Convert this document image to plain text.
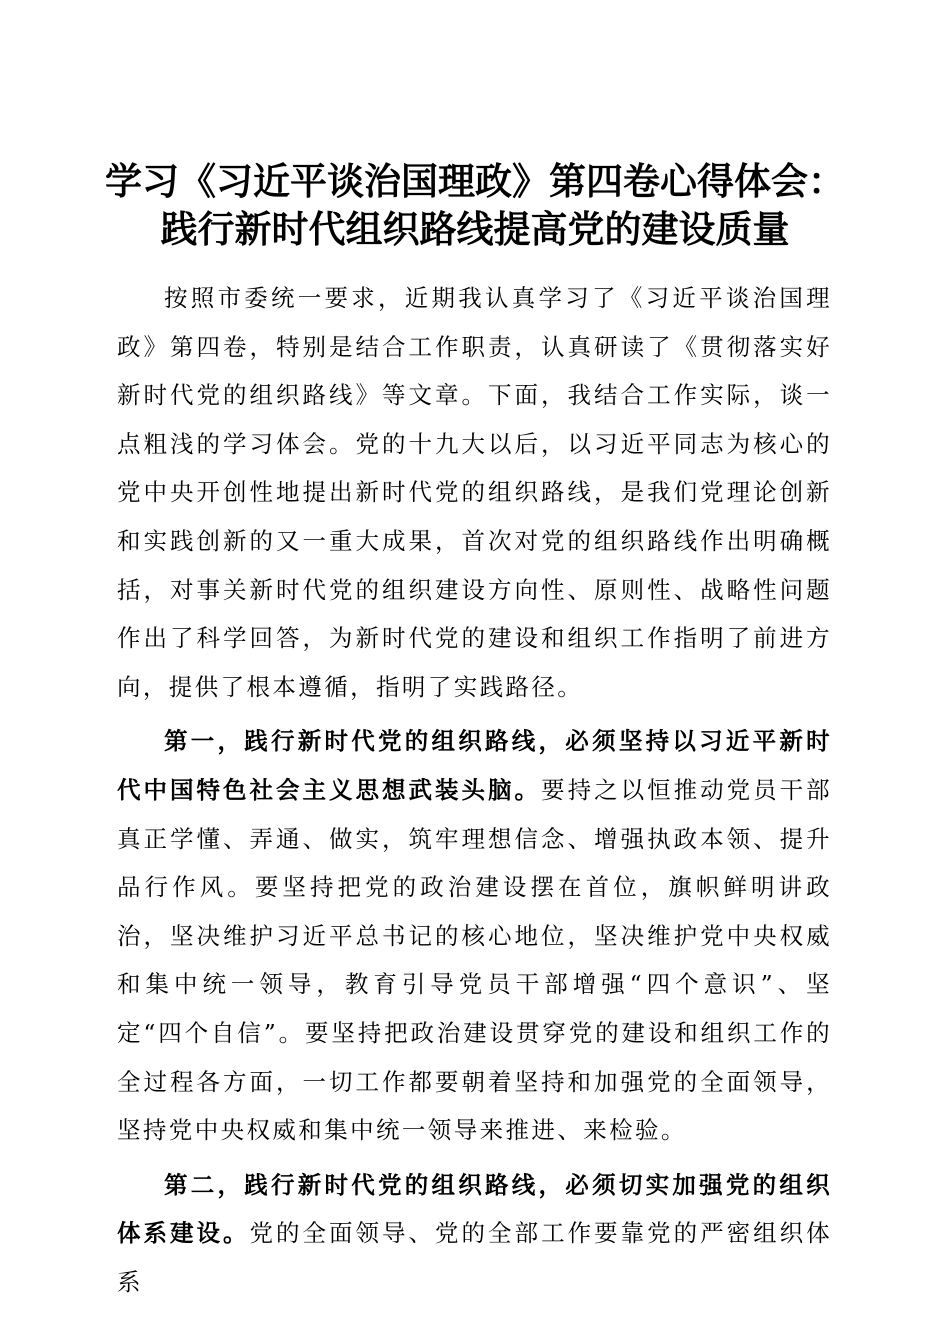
学习《习近平谈治国理政》第四卷心得体会：
践行新时代组织路线提高党的建设质量

按照市委统一要求，近期我认真学习了《习近平谈治国理政》第四卷，特别是结合工作职责，认真研读了《贯彻落实好新时代党的组织路线》等文章。下面，我结合工作实际，谈一点粗浅的学习体会。党的十九大以后，以习近平同志为核心的党中央开创性地提出新时代党的组织路线，是我们党理论创新和实践创新的又一重大成果，首次对党的组织路线作出明确概括，对事关新时代党的组织建设方向性、原则性、战略性问题作出了科学回答，为新时代党的建设和组织工作指明了前进方向，提供了根本遵循，指明了实践路径。

第一，践行新时代党的组织路线，必须坚持以习近平新时代中国特色社会主义思想武装头脑。要持之以恒推动党员干部真正学懂、弄通、做实，筑牢理想信念、增强执政本领、提升品行作风。要坚持把党的政治建设摆在首位，旗帜鲜明讲政治，坚决维护习近平总书记的核心地位，坚决维护党中央权威和集中统一领导，教育引导党员干部增强“四个意识”、坚定“四个自信”。要坚持把政治建设贯穿党的建设和组织工作的全过程各方面，一切工作都要朝着坚持和加强党的全面领导，坚持党中央权威和集中统一领导来推进、来检验。

第二，践行新时代党的组织路线，必须切实加强党的组织体系建设。党的全面领导、党的全部工作要靠党的严密组织体系
